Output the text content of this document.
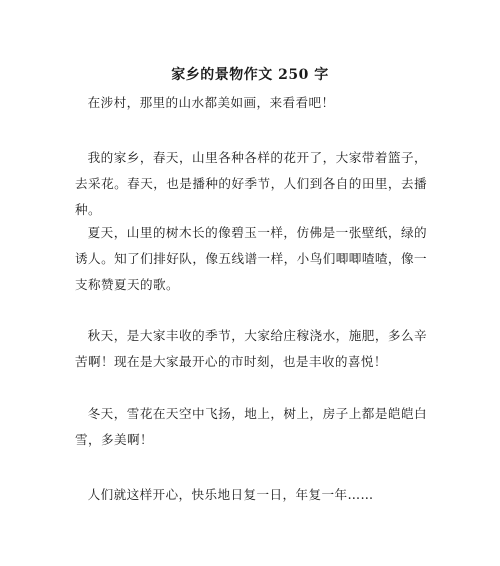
家乡的景物作文 250 字

在涉村，那里的山水都美如画，来看看吧！

我的家乡，春天，山里各种各样的花开了，大家带着篮子，去采花。春天，也是播种的好季节，人们到各自的田里，去播种。

夏天，山里的树木长的像碧玉一样，仿佛是一张壁纸，绿的诱人。知了们排好队，像五线谱一样，小鸟们唧唧喳喳，像一支称赞夏天的歌。

秋天，是大家丰收的季节，大家给庄稼浇水，施肥，多么辛苦啊！现在是大家最开心的市时刻，也是丰收的喜悦！

冬天，雪花在天空中飞扬，地上，树上，房子上都是皑皑白雪，多美啊！

人们就这样开心，快乐地日复一日，年复一年……
